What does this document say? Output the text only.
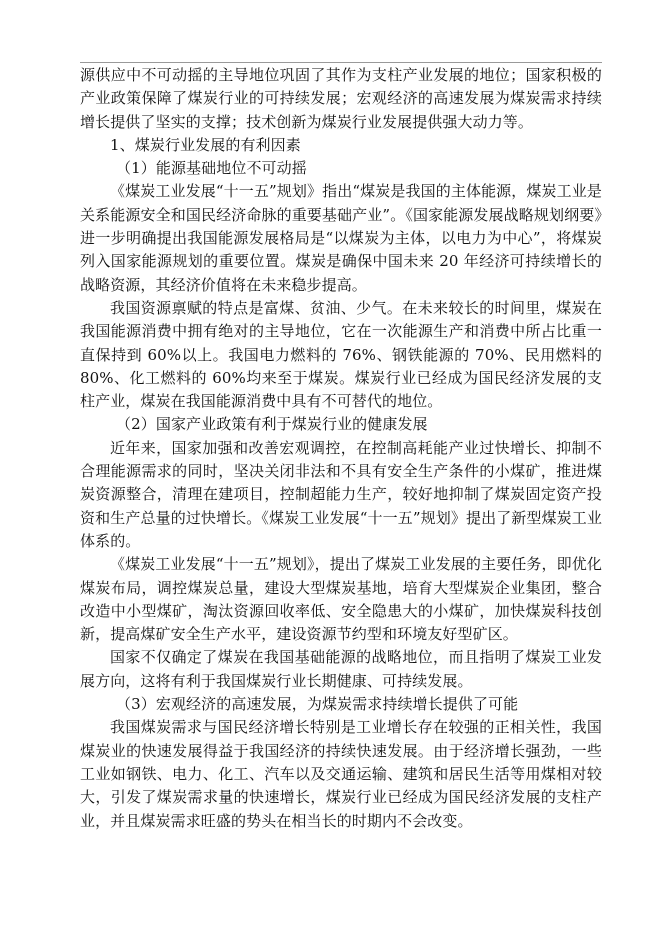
源供应中不可动摇的主导地位巩固了其作为支柱产业发展的地位；国家积极的产业政策保障了煤炭行业的可持续发展；宏观经济的高速发展为煤炭需求持续增长提供了坚实的支撑；技术创新为煤炭行业发展提供强大动力等。

1、煤炭行业发展的有利因素

（1）能源基础地位不可动摇

《煤炭工业发展“十一五”规划》指出“煤炭是我国的主体能源，煤炭工业是关系能源安全和国民经济命脉的重要基础产业”。《国家能源发展战略规划纲要》进一步明确提出我国能源发展格局是“以煤炭为主体，以电力为中心”，将煤炭列入国家能源规划的重要位置。煤炭是确保中国未来 20 年经济可持续增长的战略资源，其经济价值将在未来稳步提高。

我国资源禀赋的特点是富煤、贫油、少气。在未来较长的时间里，煤炭在我国能源消费中拥有绝对的主导地位，它在一次能源生产和消费中所占比重一直保持到 60%以上。我国电力燃料的 76%、钢铁能源的 70%、民用燃料的 80%、化工燃料的 60%均来至于煤炭。煤炭行业已经成为国民经济发展的支柱产业，煤炭在我国能源消费中具有不可替代的地位。

（2）国家产业政策有利于煤炭行业的健康发展

近年来，国家加强和改善宏观调控，在控制高耗能产业过快增长、抑制不合理能源需求的同时，坚决关闭非法和不具有安全生产条件的小煤矿，推进煤炭资源整合，清理在建项目，控制超能力生产，较好地抑制了煤炭固定资产投资和生产总量的过快增长。《煤炭工业发展“十一五”规划》提出了新型煤炭工业体系的。

《煤炭工业发展“十一五”规划》，提出了煤炭工业发展的主要任务，即优化煤炭布局，调控煤炭总量，建设大型煤炭基地，培育大型煤炭企业集团，整合改造中小型煤矿，淘汰资源回收率低、安全隐患大的小煤矿，加快煤炭科技创新，提高煤矿安全生产水平，建设资源节约型和环境友好型矿区。

国家不仅确定了煤炭在我国基础能源的战略地位，而且指明了煤炭工业发展方向，这将有利于我国煤炭行业长期健康、可持续发展。

（3）宏观经济的高速发展，为煤炭需求持续增长提供了可能

我国煤炭需求与国民经济增长特别是工业增长存在较强的正相关性，我国煤炭业的快速发展得益于我国经济的持续快速发展。由于经济增长强劲，一些工业如钢铁、电力、化工、汽车以及交通运输、建筑和居民生活等用煤相对较大，引发了煤炭需求量的快速增长，煤炭行业已经成为国民经济发展的支柱产业，并且煤炭需求旺盛的势头在相当长的时期内不会改变。
